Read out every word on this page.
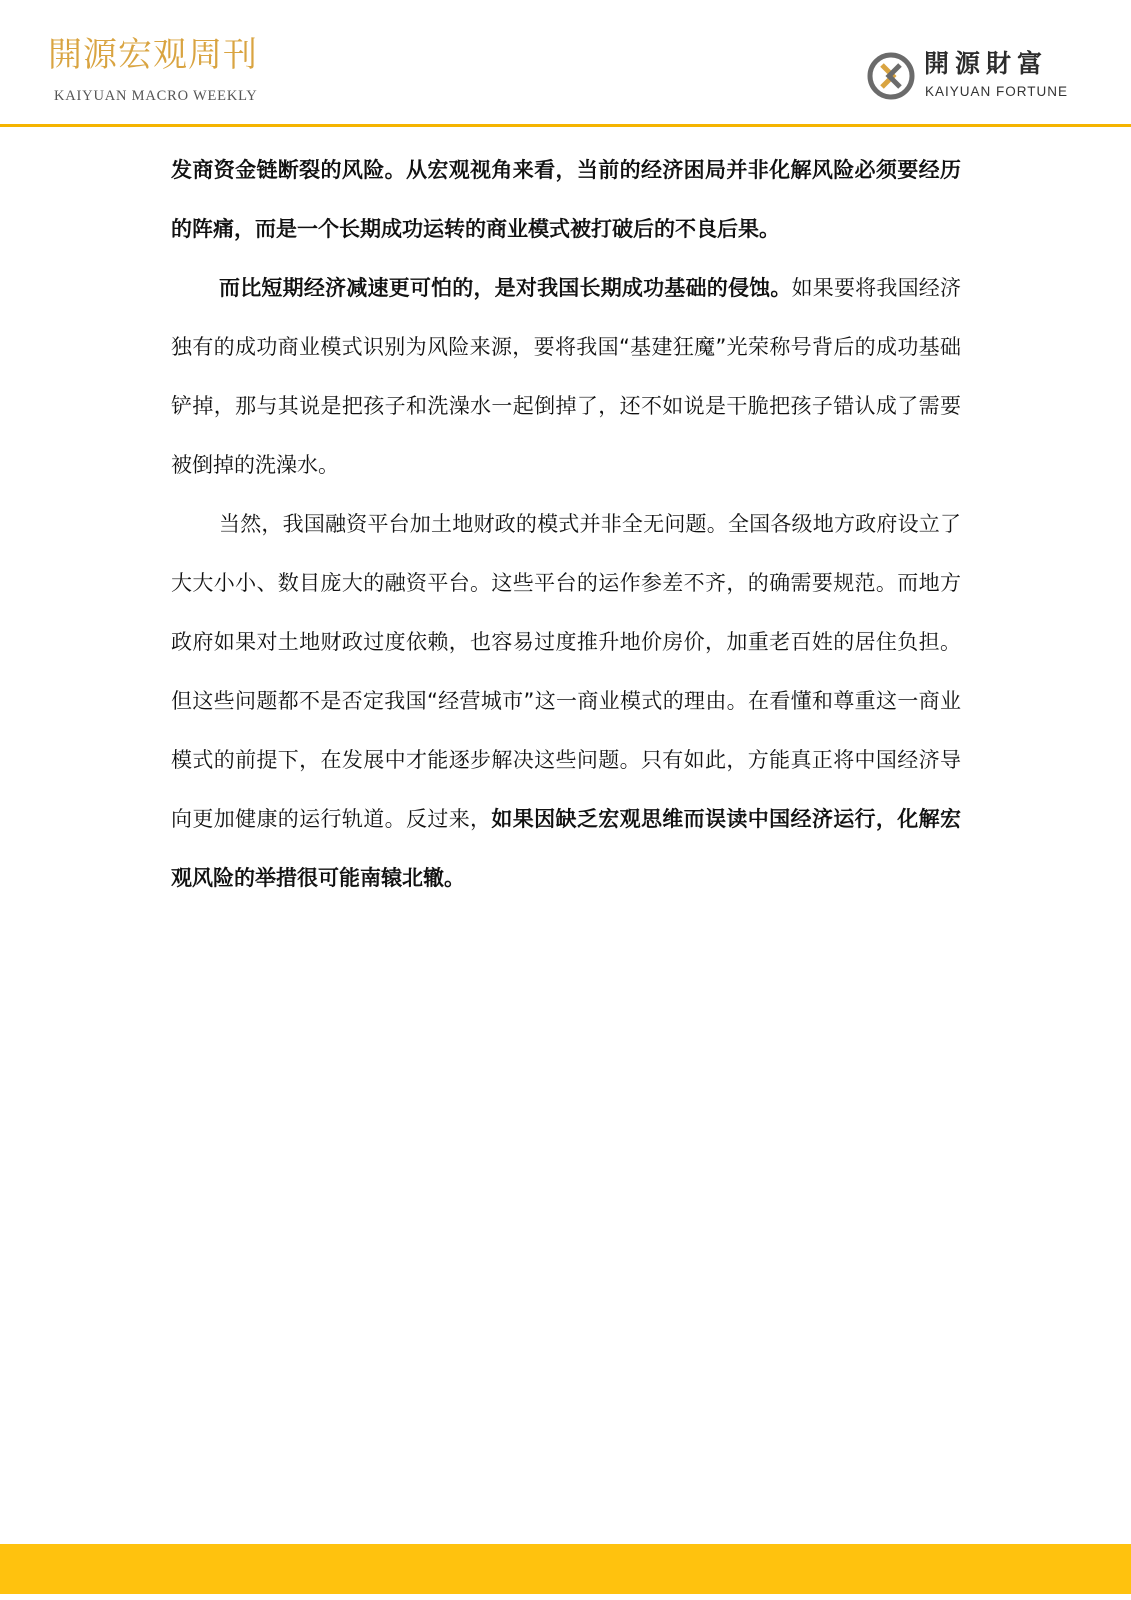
開源宏观周刊
KAIYUAN MACRO WEEKLY
開源財富
KAIYUAN FORTUNE

发商资金链断裂的风险。从宏观视角来看，当前的经济困局并非化解风险必须要经历的阵痛，而是一个长期成功运转的商业模式被打破后的不良后果。

而比短期经济减速更可怕的，是对我国长期成功基础的侵蚀。如果要将我国经济独有的成功商业模式识别为风险来源，要将我国“基建狂魔”光荣称号背后的成功基础铲掉，那与其说是把孩子和洗澡水一起倒掉了，还不如说是干脆把孩子错认成了需要被倒掉的洗澡水。

当然，我国融资平台加土地财政的模式并非全无问题。全国各级地方政府设立了大大小小、数目庞大的融资平台。这些平台的运作参差不齐，的确需要规范。而地方政府如果对土地财政过度依赖，也容易过度推升地价房价，加重老百姓的居住负担。但这些问题都不是否定我国“经营城市”这一商业模式的理由。在看懂和尊重这一商业模式的前提下，在发展中才能逐步解决这些问题。只有如此，方能真正将中国经济导向更加健康的运行轨道。反过来，如果因缺乏宏观思维而误读中国经济运行，化解宏观风险的举措很可能南辕北辙。
